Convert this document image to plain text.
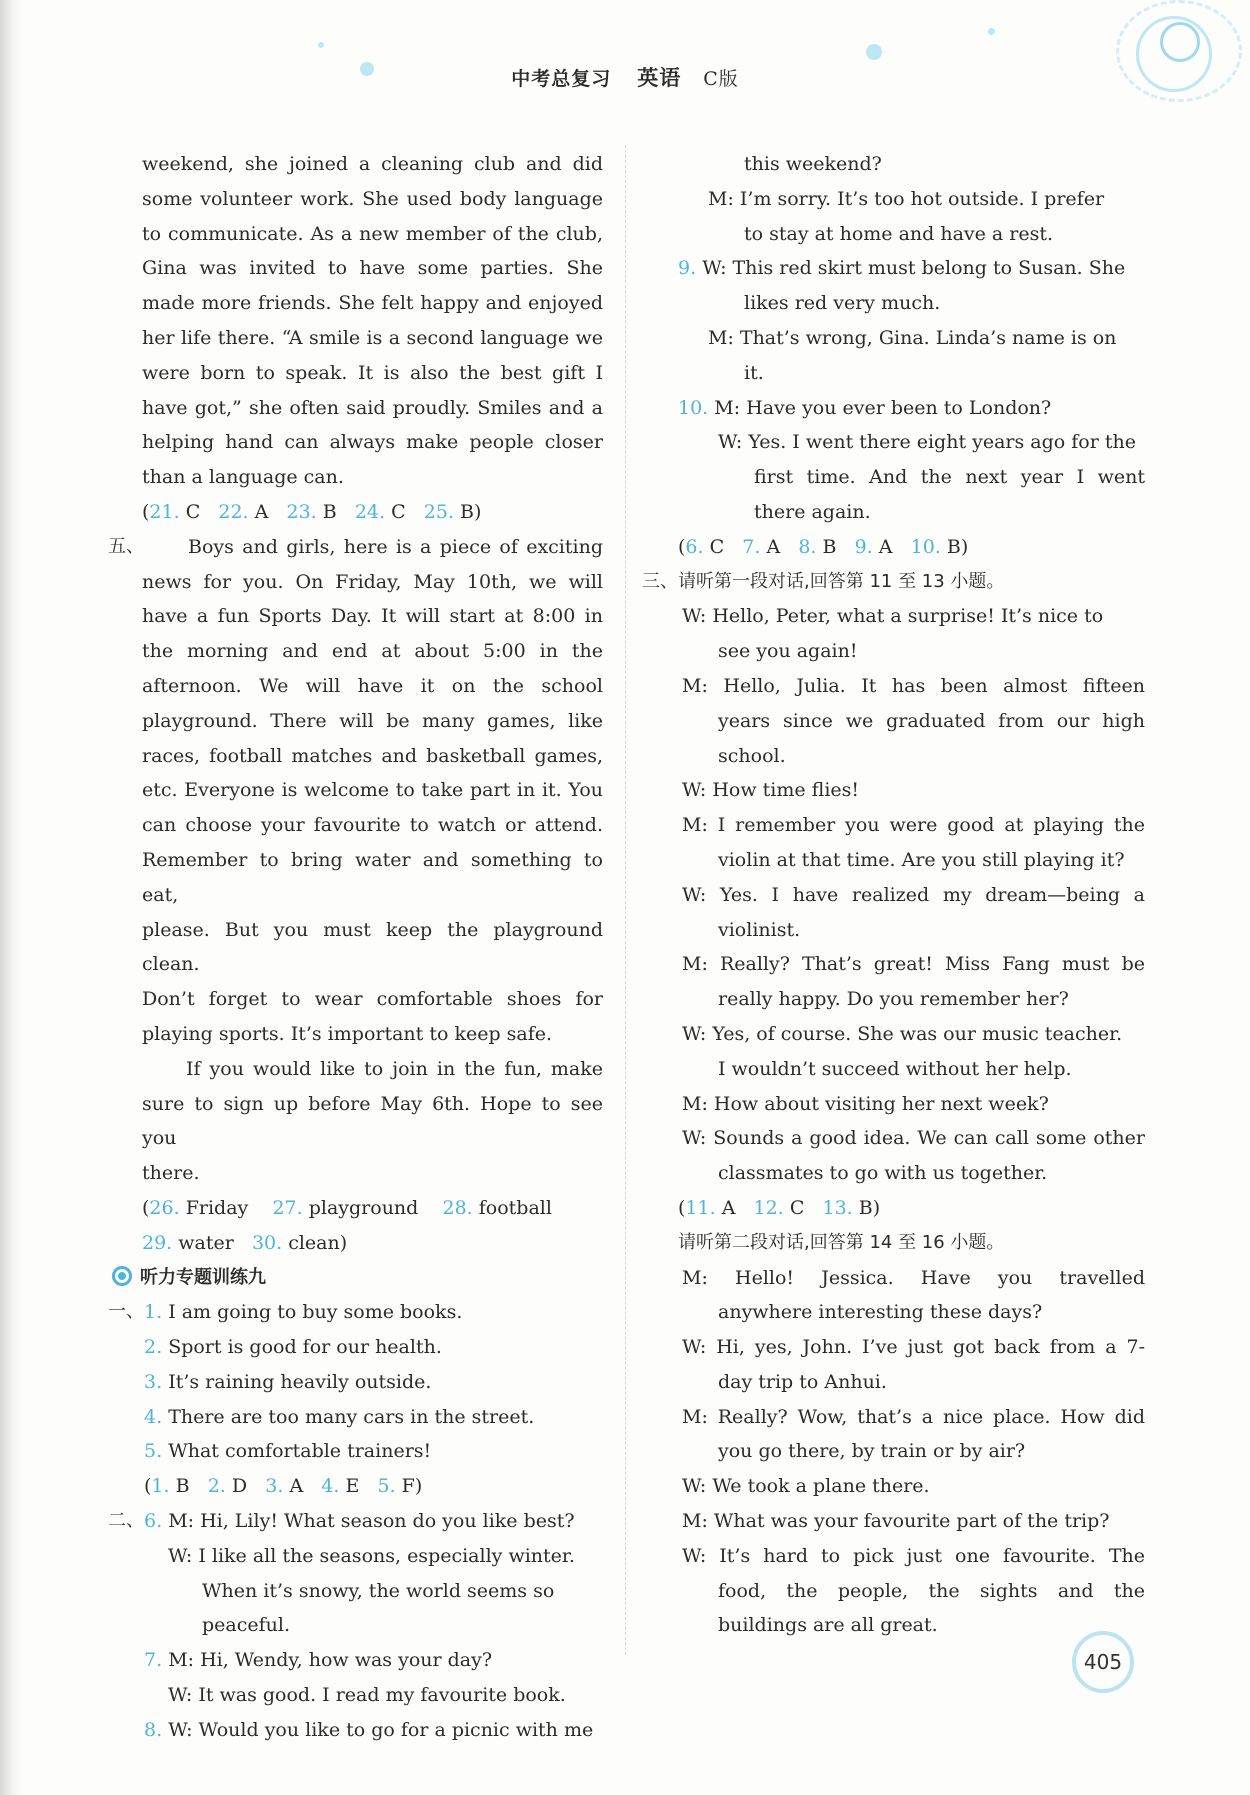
中考总复习 英语 C版
weekend, she joined a cleaning club and did
some volunteer work. She used body language
to communicate. As a new member of the club,
Gina was invited to have some parties. She
made more friends. She felt happy and enjoyed
her life there. “A smile is a second language we
were born to speak. It is also the best gift I
have got,” she often said proudly. Smiles and a
helping hand can always make people closer
than a language can.
(21. C 22. A 23. B 24. C 25. B)
五、	Boys and girls, here is a piece of exciting
news for you. On Friday, May 10th, we will
have a fun Sports Day. It will start at 8:00 in
the morning and end at about 5:00 in the
afternoon. We will have it on the school
playground. There will be many games, like
races, football matches and basketball games,
etc. Everyone is welcome to take part in it. You
can choose your favourite to watch or attend.
Remember to bring water and something to eat,
please. But you must keep the playground clean.
Don’t forget to wear comfortable shoes for
playing sports. It’s important to keep safe.
If you would like to join in the fun, make
sure to sign up before May 6th. Hope to see you
there.
(26. Friday 27. playground 28. football
29. water 30. clean)
听力专题训练九
一、 1. I am going to buy some books.
2. Sport is good for our health.
3. It’s raining heavily outside.
4. There are too many cars in the street.
5. What comfortable trainers!
(1. B 2. D 3. A 4. E 5. F)
二、 6. M: Hi, Lily! What season do you like best?
W: I like all the seasons, especially winter.
When it’s snowy, the world seems so
peaceful.
7. M: Hi, Wendy, how was your day?
W: It was good. I read my favourite book.
8. W: Would you like to go for a picnic with me
this weekend?
M: I’m sorry. It’s too hot outside. I prefer
to stay at home and have a rest.
9. W: This red skirt must belong to Susan. She
likes red very much.
M: That’s wrong, Gina. Linda’s name is on
it.
10. M: Have you ever been to London?
W: Yes. I went there eight years ago for the
first time. And the next year I went
there again.
(6. C 7. A 8. B 9. A 10. B)
三、请听第一段对话,回答第 11 至 13 小题。
W: Hello, Peter, what a surprise! It’s nice to
see you again!
M: Hello, Julia. It has been almost fifteen
years since we graduated from our high
school.
W: How time flies!
M: I remember you were good at playing the
violin at that time. Are you still playing it?
W: Yes. I have realized my dream—being a
violinist.
M: Really? That’s great! Miss Fang must be
really happy. Do you remember her?
W: Yes, of course. She was our music teacher.
I wouldn’t succeed without her help.
M: How about visiting her next week?
W: Sounds a good idea. We can call some other
classmates to go with us together.
(11. A 12. C 13. B)
请听第二段对话,回答第 14 至 16 小题。
M: Hello! Jessica. Have you travelled
anywhere interesting these days?
W: Hi, yes, John. I’ve just got back from a 7-
day trip to Anhui.
M: Really? Wow, that’s a nice place. How did
you go there, by train or by air?
W: We took a plane there.
M: What was your favourite part of the trip?
W: It’s hard to pick just one favourite. The
food, the people, the sights and the
buildings are all great.
405
